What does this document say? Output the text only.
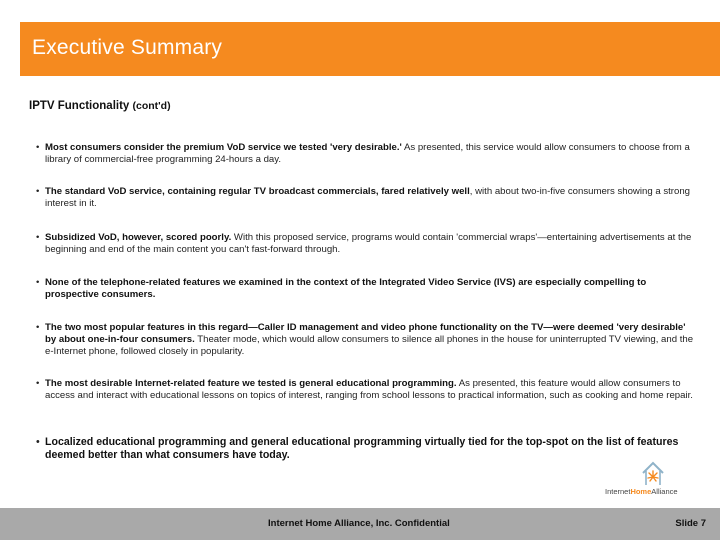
Executive Summary
IPTV Functionality (cont'd)
• Most consumers consider the premium VoD service we tested 'very desirable.' As presented, this service would allow consumers to choose from a library of commercial-free programming 24-hours a day.
• The standard VoD service, containing regular TV broadcast commercials, fared relatively well, with about two-in-five consumers showing a strong interest in it.
• Subsidized VoD, however, scored poorly. With this proposed service, programs would contain 'commercial wraps'—entertaining advertisements at the beginning and end of the main content you can't fast-forward through.
• None of the telephone-related features we examined in the context of the Integrated Video Service (IVS) are especially compelling to prospective consumers.
• The two most popular features in this regard—Caller ID management and video phone functionality on the TV—were deemed 'very desirable' by about one-in-four consumers. Theater mode, which would allow consumers to silence all phones in the house for uninterrupted TV viewing, and the e-Internet phone, followed closely in popularity.
• The most desirable Internet-related feature we tested is general educational programming. As presented, this feature would allow consumers to access and interact with educational lessons on topics of interest, ranging from school lessons to practical information, such as cooking and home repair.
• Localized educational programming and general educational programming virtually tied for the top-spot on the list of features deemed better than what consumers have today.
InternetHomeAlliance
Internet Home Alliance, Inc. Confidential	Slide 7
